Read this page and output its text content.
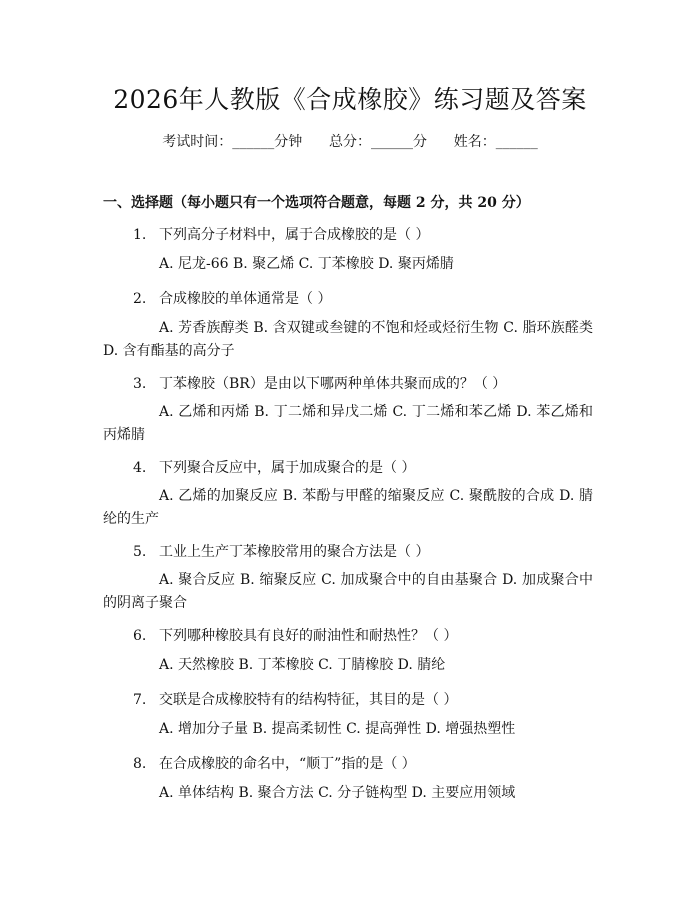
2026年人教版《合成橡胶》练习题及答案
考试时间：______分钟      总分：______分      姓名：______
一、选择题（每小题只有一个选项符合题意，每题 2 分，共 20 分）
1. 下列高分子材料中，属于合成橡胶的是（ ）
A. 尼龙-66 B. 聚乙烯 C. 丁苯橡胶 D. 聚丙烯腈
2. 合成橡胶的单体通常是（ ）
A. 芳香族醇类 B. 含双键或叁键的不饱和烃或烃衍生物 C. 脂环族醛类 D. 含有酯基的高分子
3. 丁苯橡胶（BR）是由以下哪两种单体共聚而成的？（ ）
A. 乙烯和丙烯 B. 丁二烯和异戊二烯 C. 丁二烯和苯乙烯 D. 苯乙烯和丙烯腈
4. 下列聚合反应中，属于加成聚合的是（ ）
A. 乙烯的加聚反应 B. 苯酚与甲醛的缩聚反应 C. 聚酰胺的合成 D. 腈纶的生产
5. 工业上生产丁苯橡胶常用的聚合方法是（ ）
A. 聚合反应 B. 缩聚反应 C. 加成聚合中的自由基聚合 D. 加成聚合中的阴离子聚合
6. 下列哪种橡胶具有良好的耐油性和耐热性？（ ）
A. 天然橡胶 B. 丁苯橡胶 C. 丁腈橡胶 D. 腈纶
7. 交联是合成橡胶特有的结构特征，其目的是（ ）
A. 增加分子量 B. 提高柔韧性 C. 提高弹性 D. 增强热塑性
8. 在合成橡胶的命名中，“顺丁”指的是（ ）
A. 单体结构 B. 聚合方法 C. 分子链构型 D. 主要应用领域
